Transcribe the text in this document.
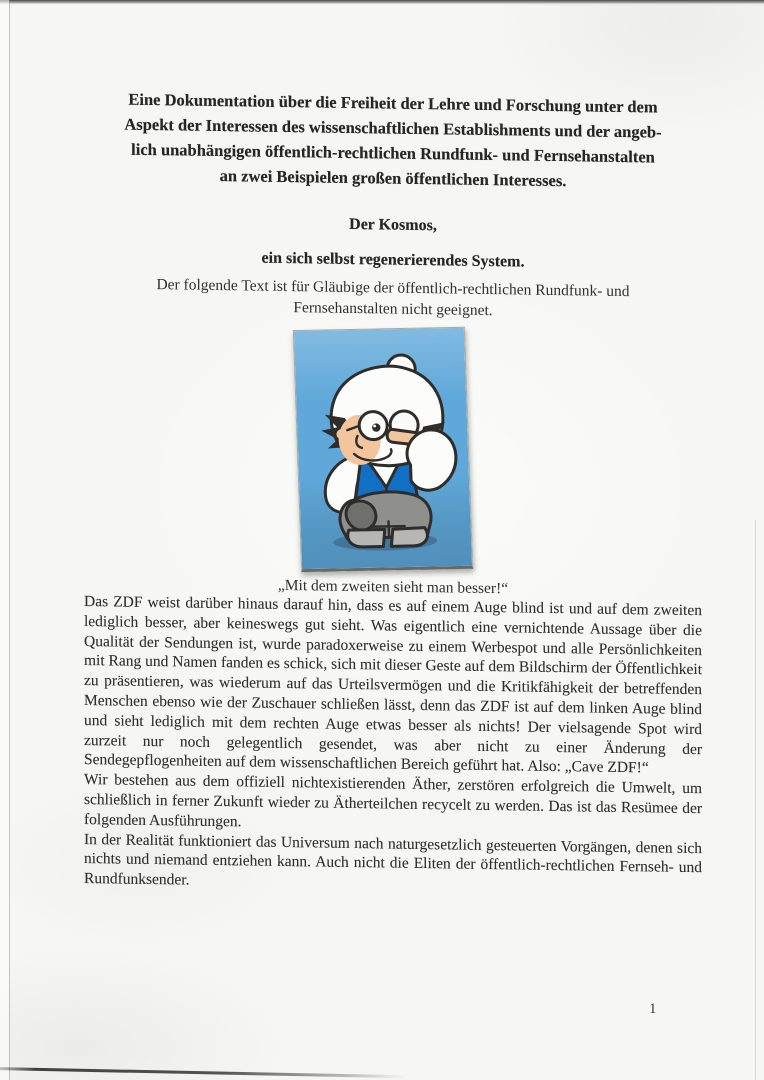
Eine Dokumentation über die Freiheit der Lehre und Forschung unter dem
Aspekt der Interessen des wissenschaftlichen Establishments und der angeb-
lich unabhängigen öffentlich-rechtlichen Rundfunk- und Fernsehanstalten
an zwei Beispielen großen öffentlichen Interesses.
Der Kosmos,
ein sich selbst regenerierendes System.
Der folgende Text ist für Gläubige der öffentlich-rechtlichen Rundfunk- und
Fernsehanstalten nicht geeignet.
„Mit dem zweiten sieht man besser!“

Das ZDF weist darüber hinaus darauf hin, dass es auf einem Auge blind ist und auf dem zweiten lediglich besser, aber keineswegs gut sieht. Was eigentlich eine vernichtende Aussage über die Qualität der Sendungen ist, wurde paradoxerweise zu einem Werbespot und alle Persönlichkeiten mit Rang und Namen fanden es schick, sich mit dieser Geste auf dem Bildschirm der Öffentlichkeit zu präsentieren, was wiederum auf das Urteilsvermögen und die Kritikfähigkeit der betreffenden Menschen ebenso wie der Zuschauer schließen lässt, denn das ZDF ist auf dem linken Auge blind und sieht lediglich mit dem rechten Auge etwas besser als nichts! Der vielsagende Spot wird zurzeit nur noch gelegentlich gesendet, was aber nicht zu einer Änderung der Sendegepflogenheiten auf dem wissenschaftlichen Bereich geführt hat. Also: „Cave ZDF!“

Wir bestehen aus dem offiziell nichtexistierenden Äther, zerstören erfolgreich die Umwelt, um schließlich in ferner Zukunft wieder zu Ätherteilchen recycelt zu werden. Das ist das Resümee der folgenden Ausführungen.

In der Realität funktioniert das Universum nach naturgesetzlich gesteuerten Vorgängen, denen sich nichts und niemand entziehen kann. Auch nicht die Eliten der öffentlich-rechtlichen Fernseh- und Rundfunksender.

1
